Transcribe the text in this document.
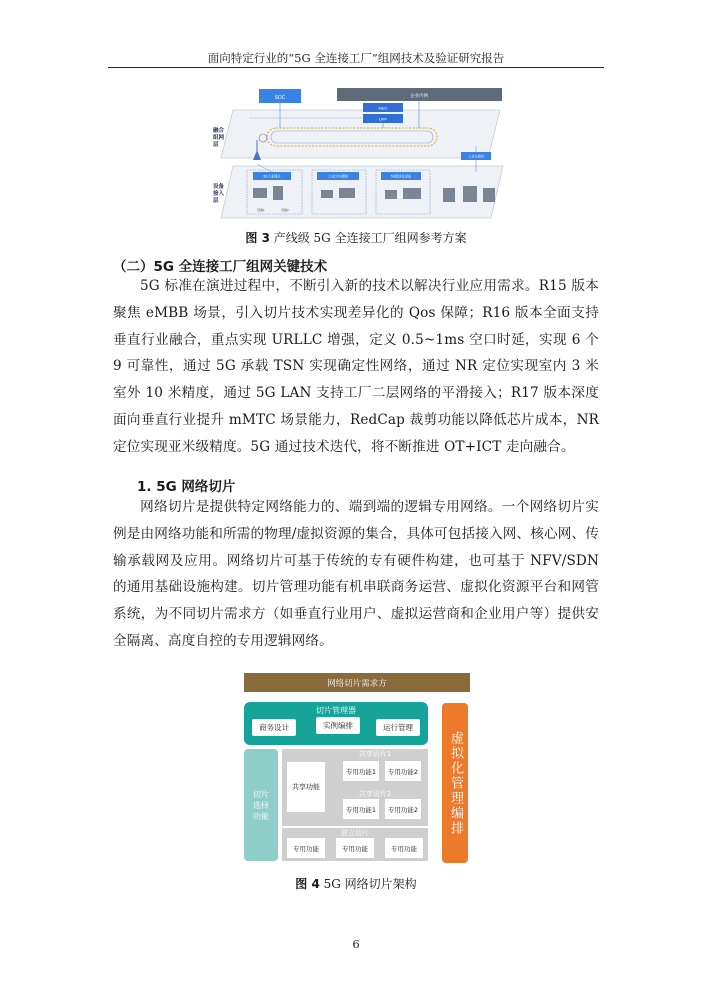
面向特定行业的“5G 全连接工厂”组网技术及验证研究报告
SOC	企业内网
MEC
UPF
融合组网层
设备接入层
工业交换机
5G工业网关	工业CPE/模组	5G模块化设备
设备1	设备2
图 3 产线级 5G 全连接工厂组网参考方案
（二）5G 全连接工厂组网关键技术
5G 标准在演进过程中，不断引入新的技术以解决行业应用需求。R15 版本聚焦 eMBB 场景，引入切片技术实现差异化的 Qos 保障；R16 版本全面支持垂直行业融合，重点实现 URLLC 增强，定义 0.5~1ms 空口时延，实现 6 个 9 可靠性，通过 5G 承载 TSN 实现确定性网络，通过 NR 定位实现室内 3 米室外 10 米精度，通过 5G LAN 支持工厂二层网络的平滑接入；R17 版本深度面向垂直行业提升 mMTC 场景能力，RedCap 裁剪功能以降低芯片成本，NR 定位实现亚米级精度。5G 通过技术迭代，将不断推进 OT+ICT 走向融合。
1. 5G 网络切片
网络切片是提供特定网络能力的、端到端的逻辑专用网络。一个网络切片实例是由网络功能和所需的物理/虚拟资源的集合，具体可包括接入网、核心网、传输承载网及应用。网络切片可基于传统的专有硬件构建，也可基于 NFV/SDN 的通用基础设施构建。切片管理功能有机串联商务运营、虚拟化资源平台和网管系统，为不同切片需求方（如垂直行业用户、虚拟运营商和企业用户等）提供安全隔离、高度自控的专用逻辑网络。
网络切片需求方
切片管理器
商务设计	实例编排	运行管理
虚拟化管理编排
切片选择功能
共享切片1
专用功能1	专用功能2
共享切片2
专用功能1	专用功能2
共享功能
独立切片
专用功能	专用功能	专用功能
图 4 5G 网络切片架构
6
